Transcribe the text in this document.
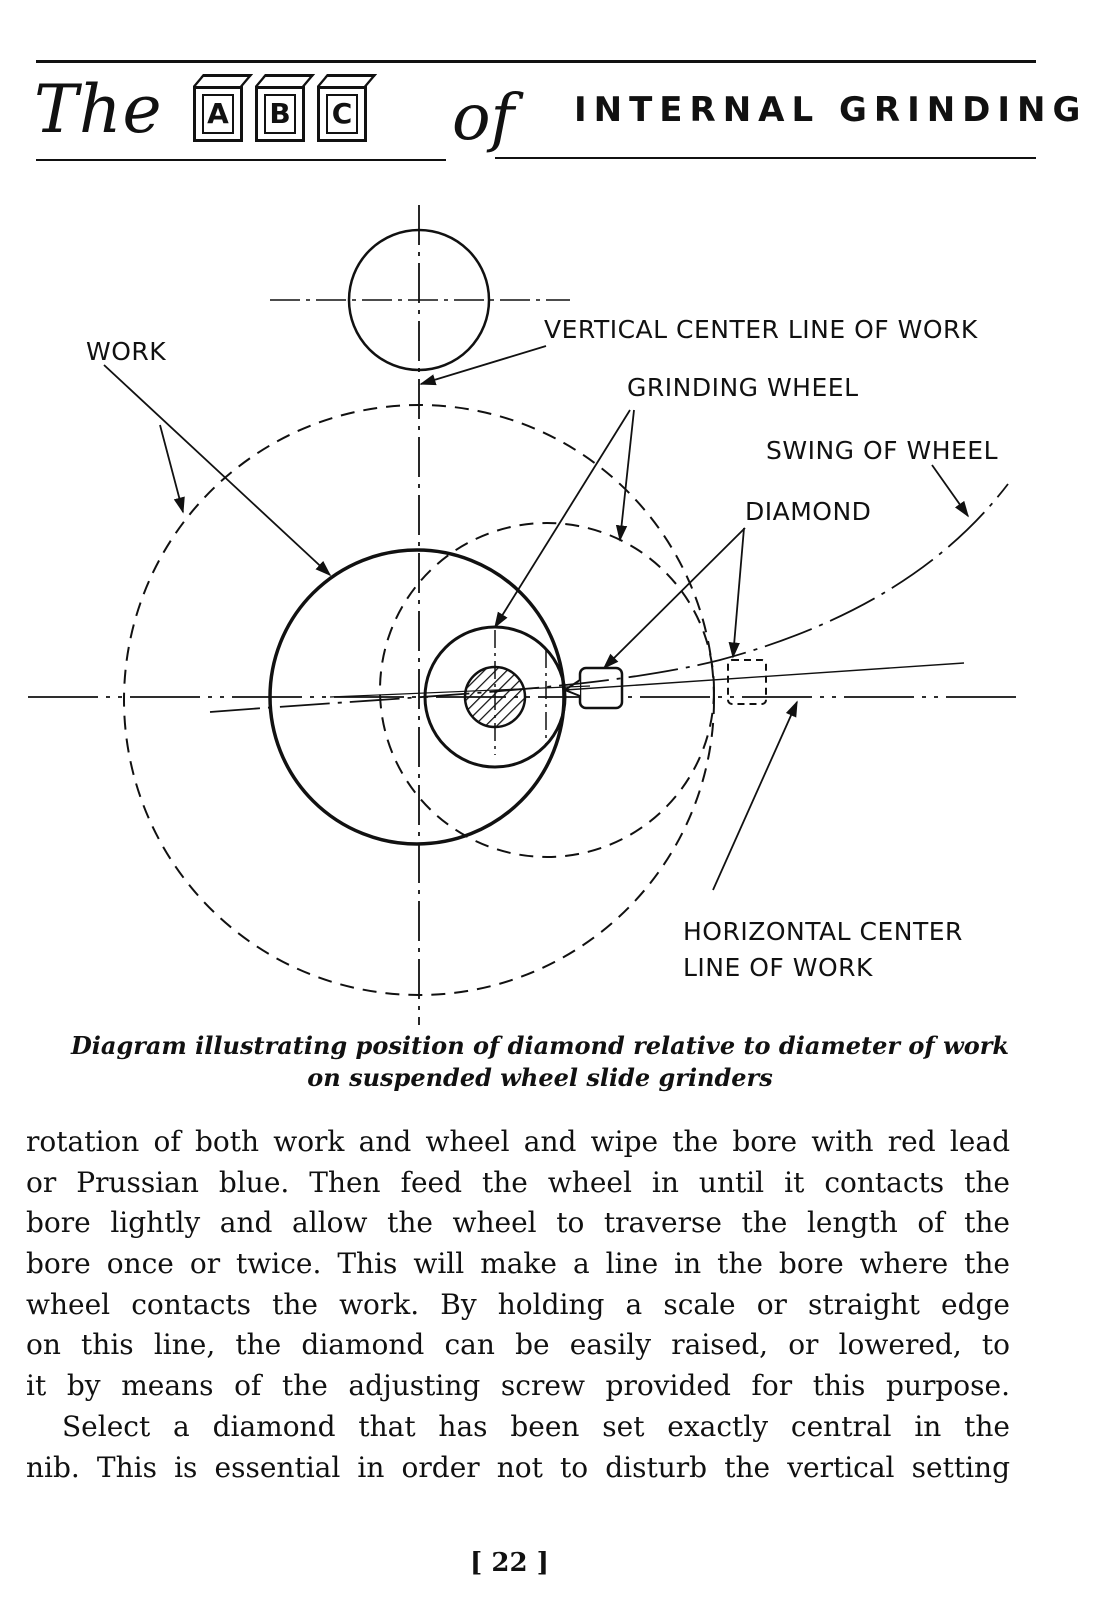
The A B C of INTERNAL GRINDING
WORK
VERTICAL CENTER LINE OF WORK
GRINDING WHEEL
SWING OF WHEEL
DIAMOND
HORIZONTAL CENTER
LINE OF WORK
Diagram illustrating position of diamond relative to diameter of work
on suspended wheel slide grinders
rotation of both work and wheel and wipe the bore with red lead
or Prussian blue. Then feed the wheel in until it contacts the
bore lightly and allow the wheel to traverse the length of the
bore once or twice. This will make a line in the bore where the
wheel contacts the work. By holding a scale or straight edge
on this line, the diamond can be easily raised, or lowered, to
it by means of the adjusting screw provided for this purpose.
Select a diamond that has been set exactly central in the
nib. This is essential in order not to disturb the vertical setting
[ 22 ]
